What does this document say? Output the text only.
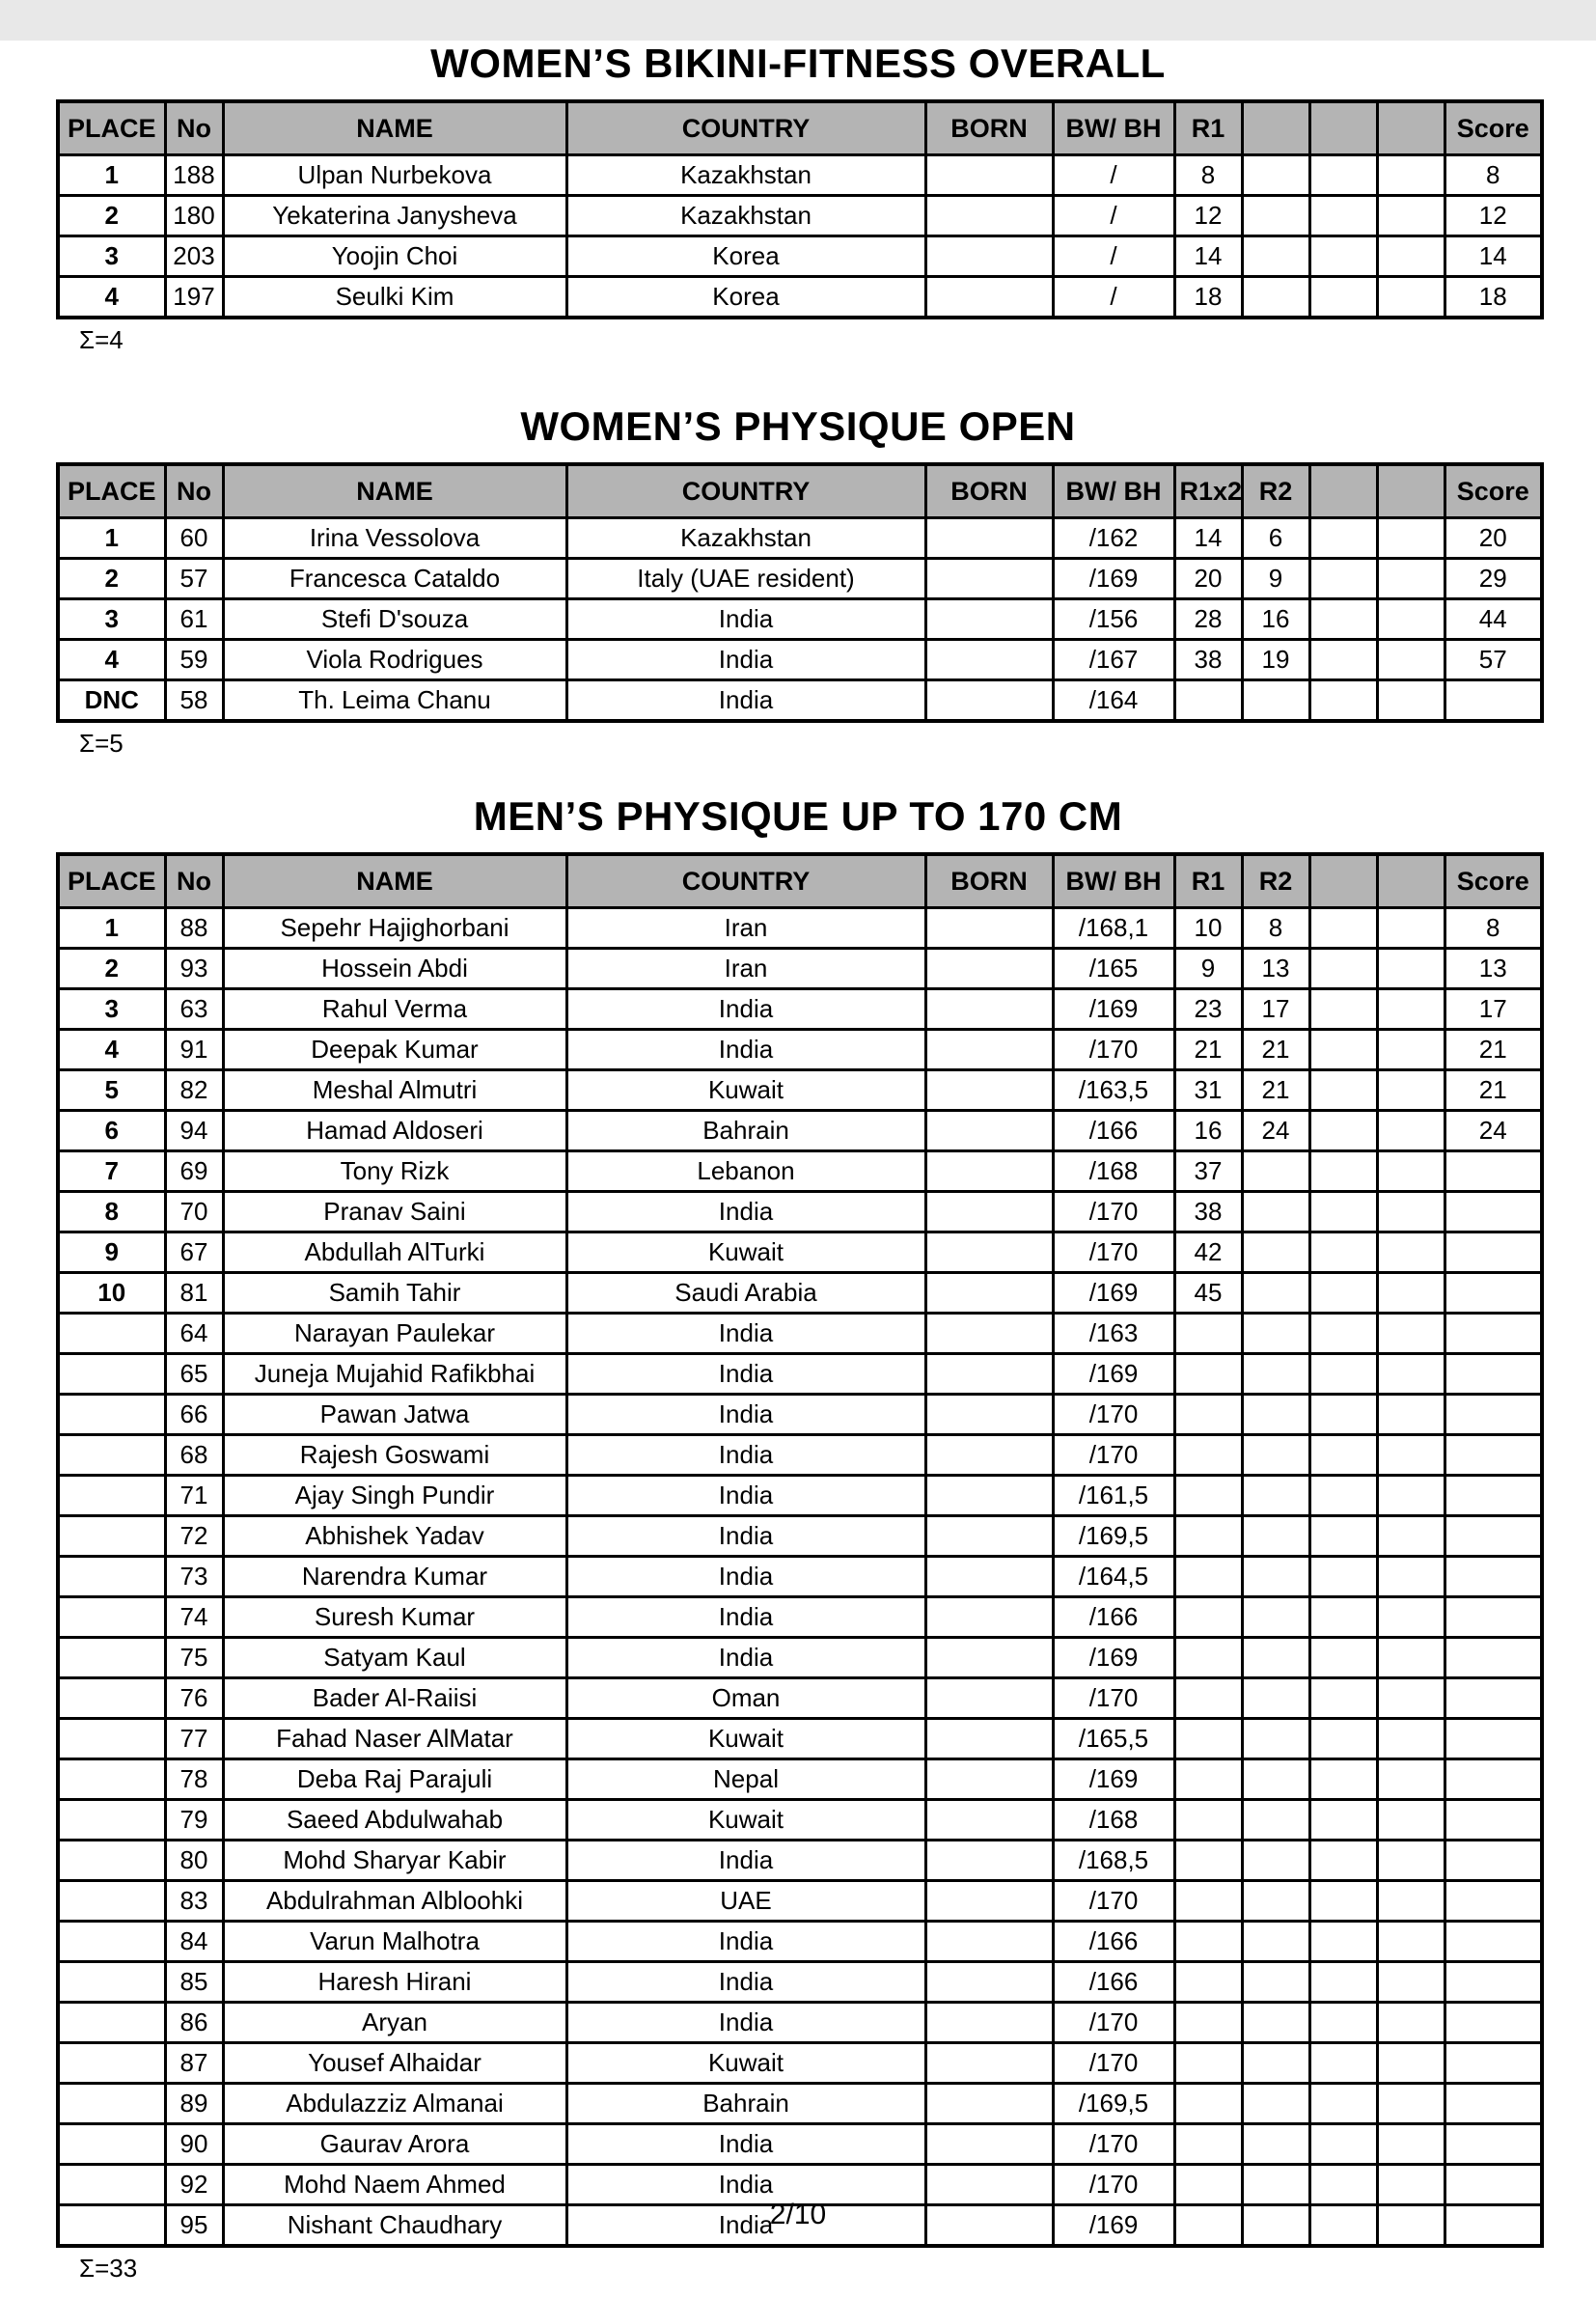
WOMEN’S BIKINI-FITNESS OVERALL
PLACE	No	NAME	COUNTRY	BORN	BW/ BH	R1				Score
1	188	Ulpan Nurbekova	Kazakhstan		/	8				8
2	180	Yekaterina Janysheva	Kazakhstan		/	12				12
3	203	Yoojin Choi	Korea		/	14				14
4	197	Seulki Kim	Korea		/	18				18
Σ=4
WOMEN’S PHYSIQUE OPEN
PLACE	No	NAME	COUNTRY	BORN	BW/ BH	R1x2	R2			Score
1	60	Irina Vessolova	Kazakhstan		/162	14	6			20
2	57	Francesca Cataldo	Italy (UAE resident)		/169	20	9			29
3	61	Stefi D'souza	India		/156	28	16			44
4	59	Viola Rodrigues	India		/167	38	19			57
DNC	58	Th. Leima Chanu	India		/164					
Σ=5
MEN’S PHYSIQUE UP TO 170 CM
PLACE	No	NAME	COUNTRY	BORN	BW/ BH	R1	R2			Score
1	88	Sepehr Hajighorbani	Iran		/168,1	10	8			8
2	93	Hossein Abdi	Iran		/165	9	13			13
3	63	Rahul Verma	India		/169	23	17			17
4	91	Deepak Kumar	India		/170	21	21			21
5	82	Meshal Almutri	Kuwait		/163,5	31	21			21
6	94	Hamad Aldoseri	Bahrain		/166	16	24			24
7	69	Tony Rizk	Lebanon		/168	37				
8	70	Pranav Saini	India		/170	38				
9	67	Abdullah AlTurki	Kuwait		/170	42				
10	81	Samih Tahir	Saudi Arabia		/169	45				
	64	Narayan Paulekar	India		/163					
	65	Juneja Mujahid Rafikbhai	India		/169					
	66	Pawan Jatwa	India		/170					
	68	Rajesh Goswami	India		/170					
	71	Ajay Singh Pundir	India		/161,5					
	72	Abhishek Yadav	India		/169,5					
	73	Narendra Kumar	India		/164,5					
	74	Suresh Kumar	India		/166					
	75	Satyam Kaul	India		/169					
	76	Bader Al-Raiisi	Oman		/170					
	77	Fahad Naser AlMatar	Kuwait		/165,5					
	78	Deba Raj Parajuli	Nepal		/169					
	79	Saeed Abdulwahab	Kuwait		/168					
	80	Mohd Sharyar Kabir	India		/168,5					
	83	Abdulrahman Albloohki	UAE		/170					
	84	Varun Malhotra	India		/166					
	85	Haresh Hirani	India		/166					
	86	Aryan	India		/170					
	87	Yousef Alhaidar	Kuwait		/170					
	89	Abdulazziz Almanai	Bahrain		/169,5					
	90	Gaurav Arora	India		/170					
	92	Mohd Naem Ahmed	India		/170					
	95	Nishant Chaudhary	India		/169					
Σ=33
2/10
